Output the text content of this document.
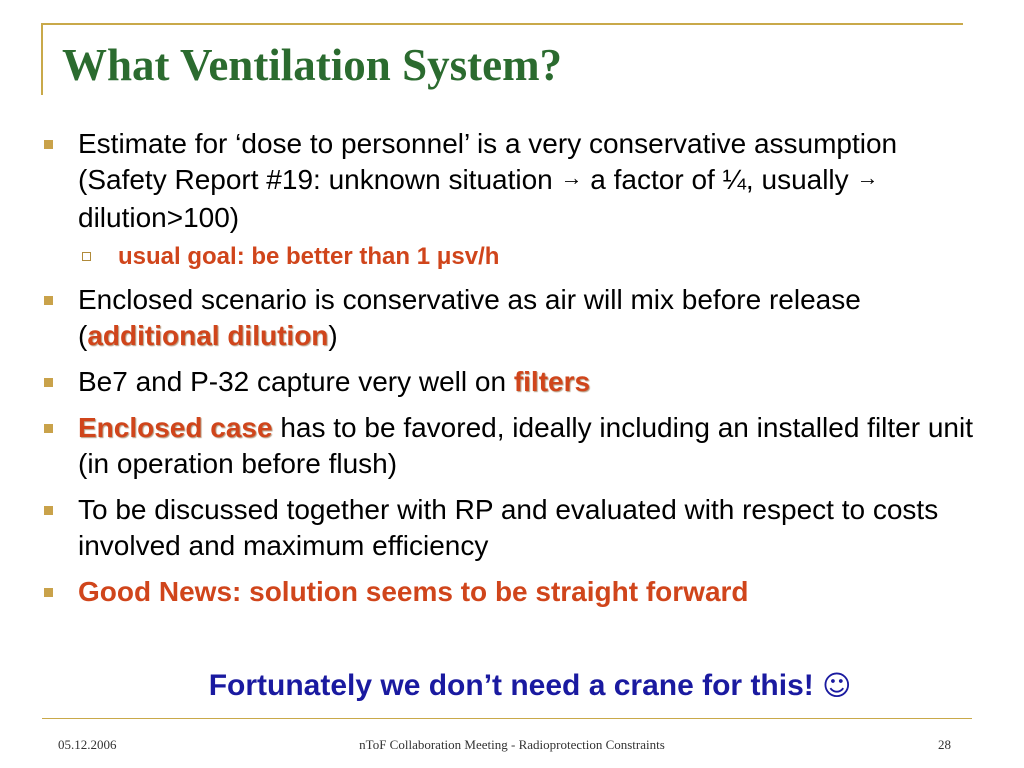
What Ventilation System?
Estimate for ‘dose to personnel’ is a very conservative assumption (Safety Report #19: unknown situation → a factor of ¼, usually → dilution>100)
usual goal: be better than 1 μsv/h
Enclosed scenario is conservative as air will mix before release (additional dilution)
Be7 and P-32 capture very well on filters
Enclosed case has to be favored, ideally including an installed filter unit (in operation before flush)
To be discussed together with RP and evaluated with respect to costs involved and maximum efficiency
Good News: solution seems to be straight forward
Fortunately we don’t need a crane for this! ☺
05.12.2006	nToF Collaboration Meeting - Radioprotection Constraints	28
